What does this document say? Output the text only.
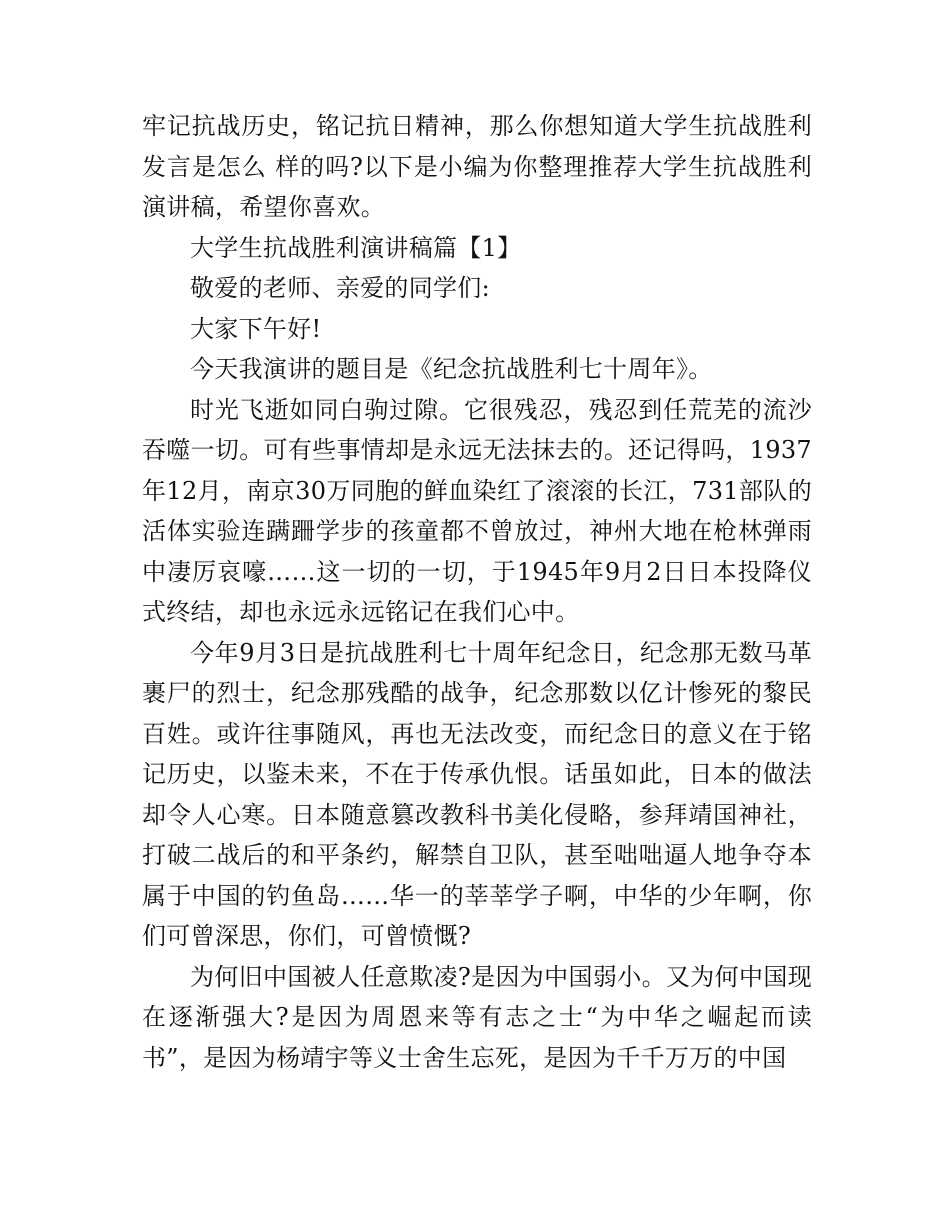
牢记抗战历史，铭记抗日精神，那么你想知道大学生抗战胜利发言是怎么 样的吗?以下是小编为你整理推荐大学生抗战胜利演讲稿，希望你喜欢。

大学生抗战胜利演讲稿篇【1】

敬爱的老师、亲爱的同学们:

大家下午好!

今天我演讲的题目是《纪念抗战胜利七十周年》。

时光飞逝如同白驹过隙。它很残忍，残忍到任荒芜的流沙吞噬一切。可有些事情却是永远无法抹去的。还记得吗，1937年12月，南京30万同胞的鲜血染红了滚滚的长江，731部队的活体实验连蹒跚学步的孩童都不曾放过，神州大地在枪林弹雨中凄厉哀嚎……这一切的一切，于1945年9月2日日本投降仪式终结，却也永远永远铭记在我们心中。

今年9月3日是抗战胜利七十周年纪念日，纪念那无数马革裹尸的烈士，纪念那残酷的战争，纪念那数以亿计惨死的黎民百姓。或许往事随风，再也无法改变，而纪念日的意义在于铭记历史，以鉴未来，不在于传承仇恨。话虽如此，日本的做法却令人心寒。日本随意篡改教科书美化侵略，参拜靖国神社，打破二战后的和平条约，解禁自卫队，甚至咄咄逼人地争夺本属于中国的钓鱼岛……华一的莘莘学子啊，中华的少年啊，你们可曾深思，你们，可曾愤慨?

为何旧中国被人任意欺凌?是因为中国弱小。又为何中国现在逐渐强大?是因为周恩来等有志之士“为中华之崛起而读书”，是因为杨靖宇等义士舍生忘死，是因为千千万万的中国
